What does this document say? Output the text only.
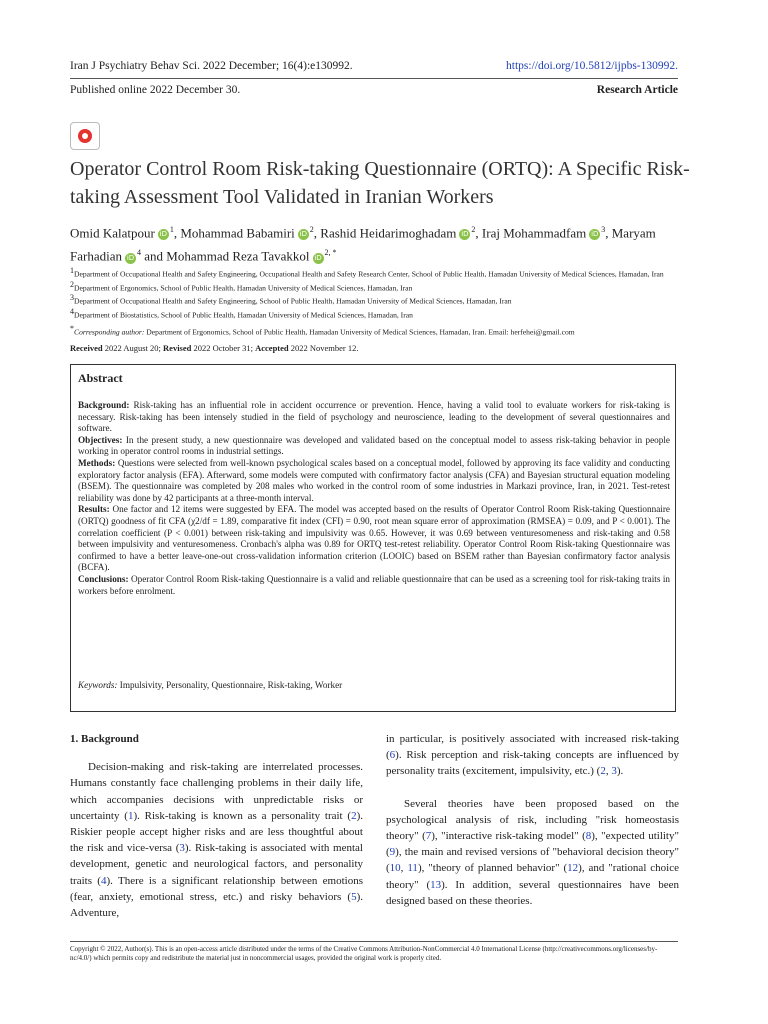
Iran J Psychiatry Behav Sci. 2022 December; 16(4):e130992.	https://doi.org/10.5812/ijpbs-130992.
Published online 2022 December 30.	Research Article
Operator Control Room Risk-taking Questionnaire (ORTQ): A Specific Risk-taking Assessment Tool Validated in Iranian Workers
Omid Kalatpour $iD^1$, Mohammad Babamiri $iD^2$, Rashid Heidarimoghadam $iD^2$, Iraj Mohammadfam $iD^3$, Maryam Farhadian $iD^4$ and Mohammad Reza Tavakkol $iD^{2, *}$
$^1$Department of Occupational Health and Safety Engineering, Occupational Health and Safety Research Center, School of Public Health, Hamadan University of Medical Sciences, Hamadan, Iran
$^2$Department of Ergonomics, School of Public Health, Hamadan University of Medical Sciences, Hamadan, Iran
$^3$Department of Occupational Health and Safety Engineering, School of Public Health, Hamadan University of Medical Sciences, Hamadan, Iran
$^4$Department of Biostatistics, School of Public Health, Hamadan University of Medical Sciences, Hamadan, Iran
*Corresponding author: Department of Ergonomics, School of Public Health, Hamadan University of Medical Sciences, Hamadan, Iran. Email: herfehei@gmail.com
Received 2022 August 20; Revised 2022 October 31; Accepted 2022 November 12.
Abstract

Background: Risk-taking has an influential role in accident occurrence or prevention. Hence, having a valid tool to evaluate workers for risk-taking is necessary. Risk-taking has been intensely studied in the field of psychology and neuroscience, leading to the development of several questionnaires and software.

Objectives: In the present study, a new questionnaire was developed and validated based on the conceptual model to assess risk-taking behavior in people working in operator control rooms in industrial settings.

Methods: Questions were selected from well-known psychological scales based on a conceptual model, followed by approving its face validity and conducting exploratory factor analysis (EFA). Afterward, some models were computed with confirmatory factor analysis (CFA) and Bayesian structural equation modeling (BSEM). The questionnaire was completed by 208 males who worked in the control room of some industries in Markazi province, Iran, in 2021. Test-retest reliability was done by 42 participants at a three-month interval.

Results: One factor and 12 items were suggested by EFA. The model was accepted based on the results of Operator Control Room Risk-taking Questionnaire (ORTQ) goodness of fit CFA (χ2/df = 1.89, comparative fit index (CFI) = 0.90, root mean square error of approximation (RMSEA) = 0.09, and P < 0.001). The correlation coefficient (P < 0.001) between risk-taking and impulsivity was 0.65. However, it was 0.69 between venturesomeness and risk-taking and 0.58 between impulsivity and venturesomeness. Cronbach's alpha was 0.89 for ORTQ test-retest reliability. Operator Control Room Risk-taking Questionnaire was confirmed to have a better leave-one-out cross-validation information criterion (LOOIC) based on BSEM rather than Bayesian confirmatory factor analysis (BCFA).

Conclusions: Operator Control Room Risk-taking Questionnaire is a valid and reliable questionnaire that can be used as a screening tool for risk-taking traits in workers before enrolment.

Keywords: Impulsivity, Personality, Questionnaire, Risk-taking, Worker

1. Background

Decision-making and risk-taking are interrelated processes. Humans constantly face challenging problems in their daily life, which accompanies decisions with unpredictable risks or uncertainty (1). Risk-taking is known as a personality trait (2). Riskier people accept higher risks and are less thoughtful about the risk and vice-versa (3). Risk-taking is associated with mental development, genetic and neurological factors, and personality traits (4). There is a significant relationship between emotions (fear, anxiety, emotional stress, etc.) and risky behaviors (5). Adventure,

in particular, is positively associated with increased risk-taking (6). Risk perception and risk-taking concepts are influenced by personality traits (excitement, impulsivity, etc.) (2, 3).

Several theories have been proposed based on the psychological analysis of risk, including "risk homeostasis theory" (7), "interactive risk-taking model" (8), "expected utility" (9), the main and revised versions of "behavioral decision theory" (10, 11), "theory of planned behavior" (12), and "rational choice theory" (13). In addition, several questionnaires have been designed based on these theories.

Copyright © 2022, Author(s). This is an open-access article distributed under the terms of the Creative Commons Attribution-NonCommercial 4.0 International License (http://creativecommons.org/licenses/by-nc/4.0/) which permits copy and redistribute the material just in noncommercial usages, provided the original work is properly cited.
